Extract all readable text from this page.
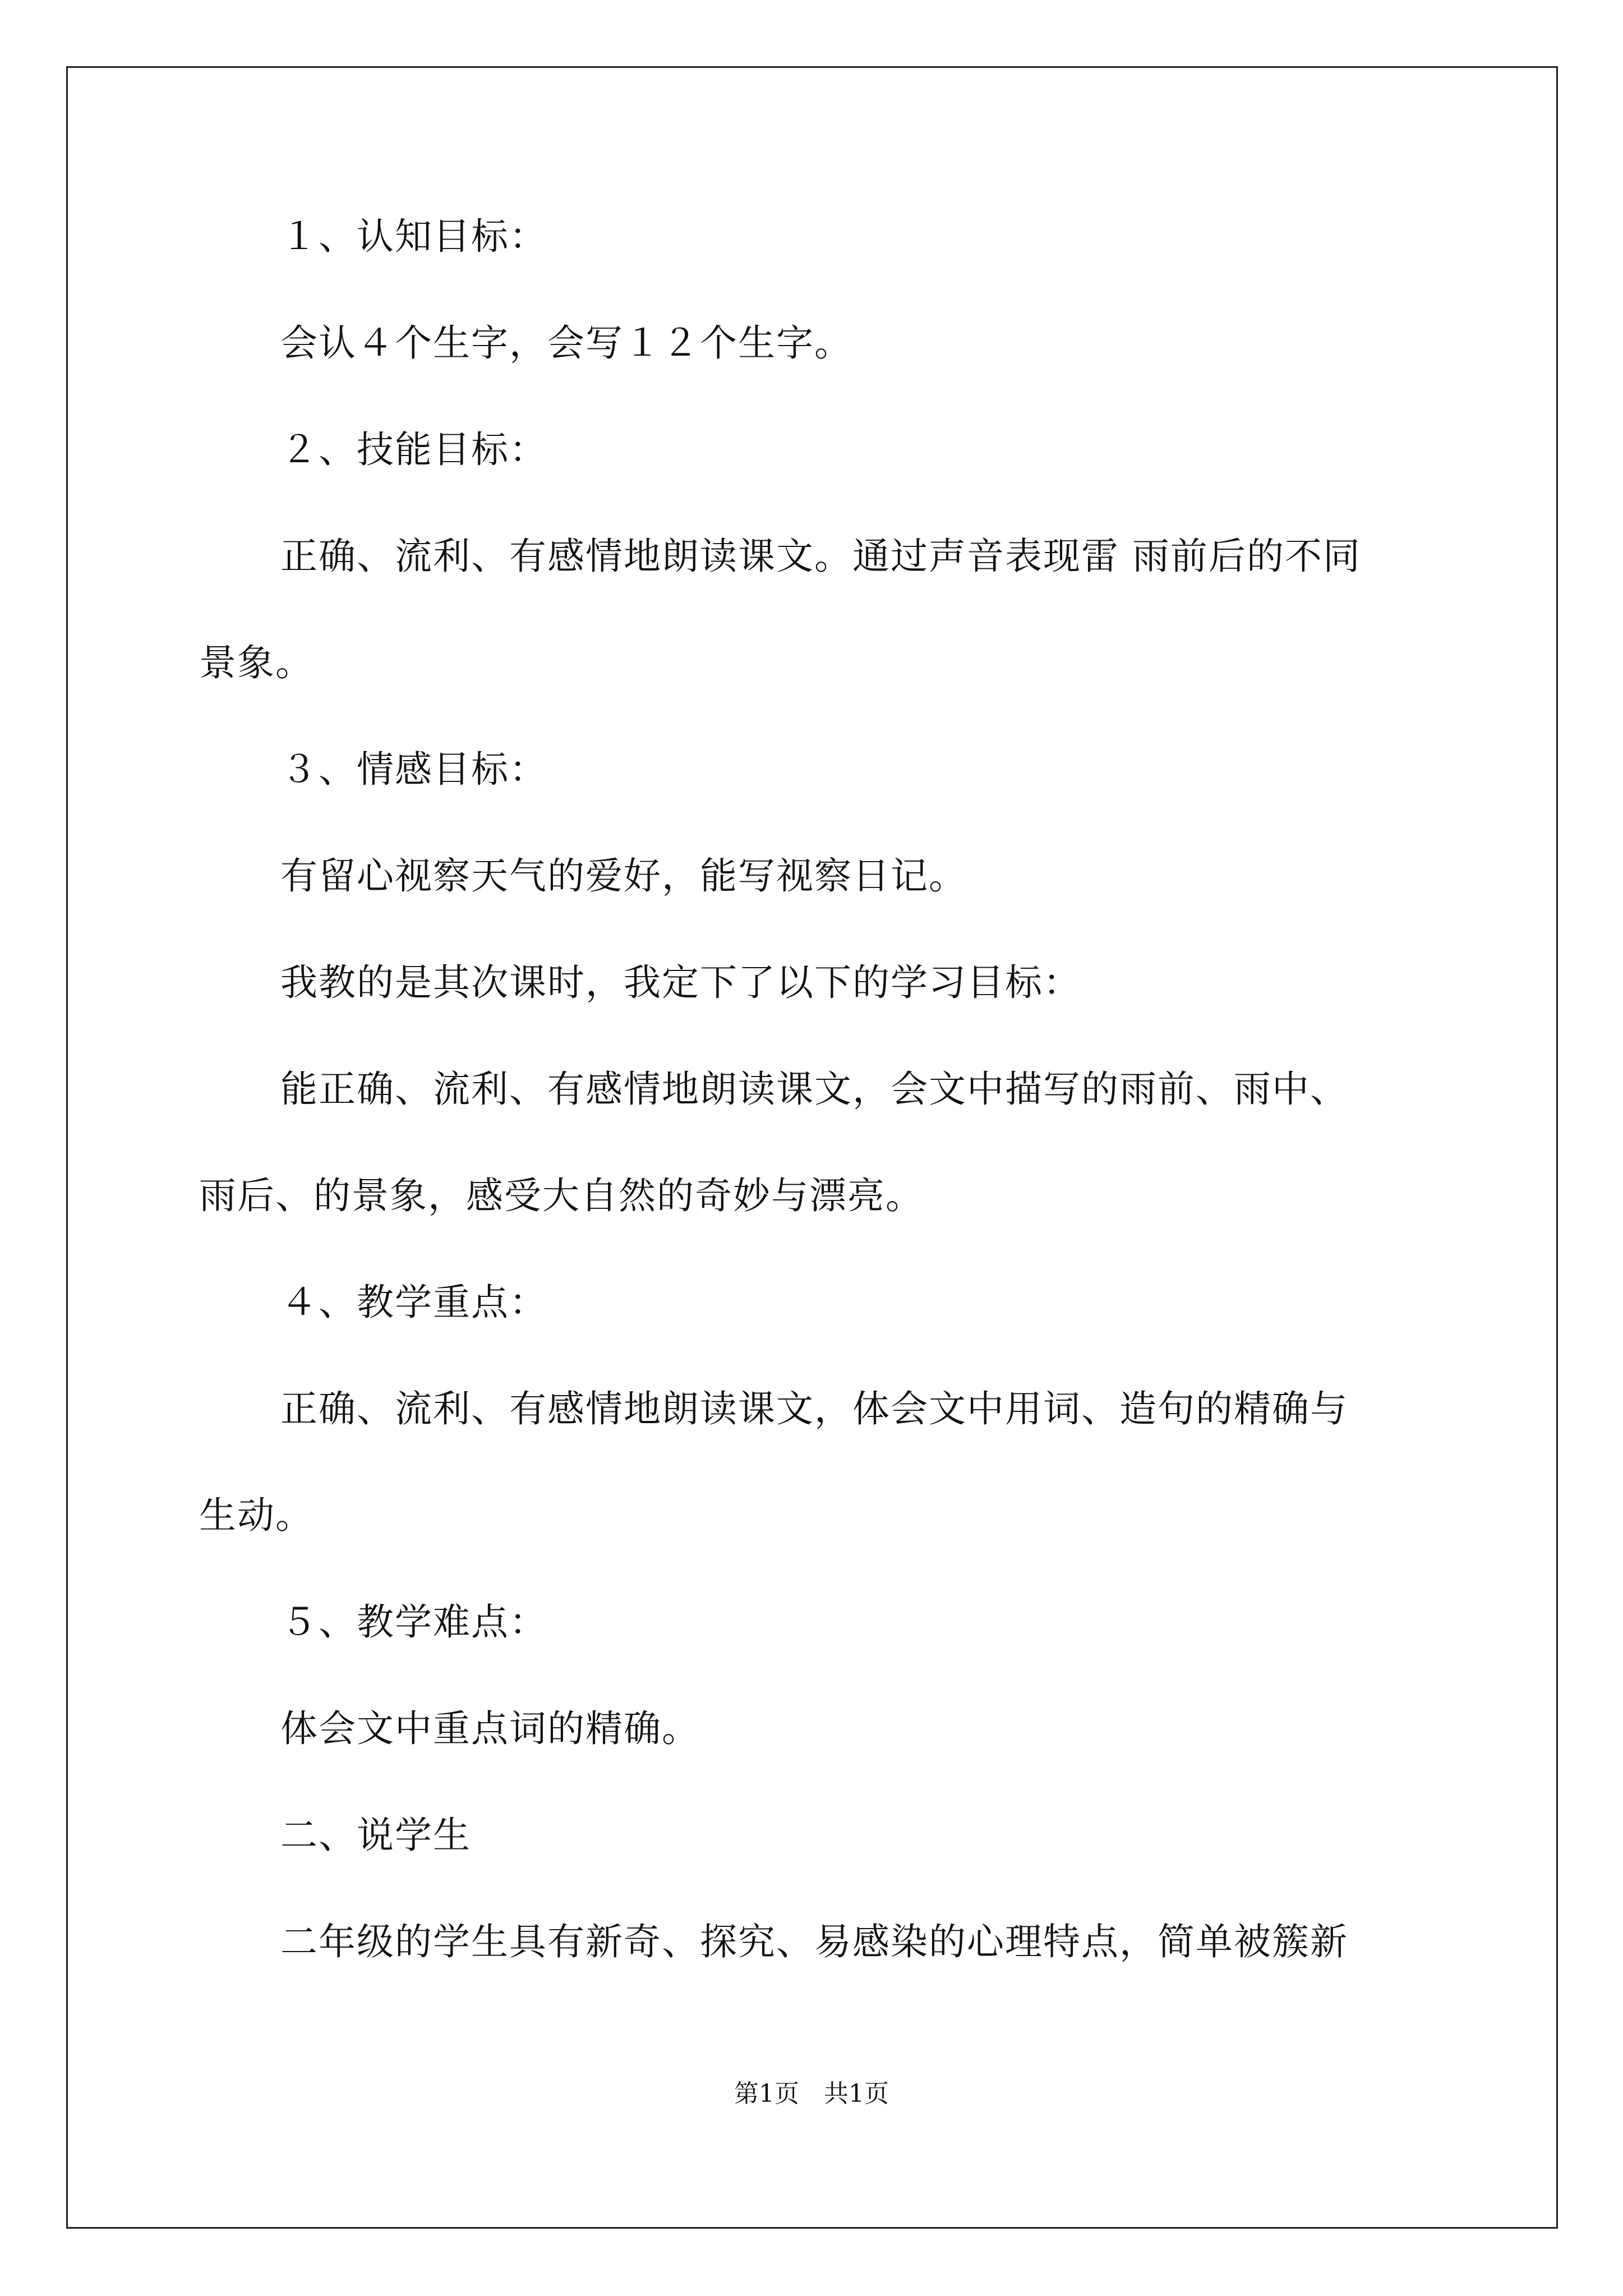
１、认知目标：
会认４个生字，会写１２个生字。
２、技能目标：
正确、流利、有感情地朗读课文。通过声音表现雷 雨前后的不同
景象。
３、情感目标：
有留心视察天气的爱好，能写视察日记。
我教的是其次课时，我定下了以下的学习目标：
能正确、流利、有感情地朗读课文，会文中描写的雨前、雨中、
雨后、的景象，感受大自然的奇妙与漂亮。
４、教学重点：
正确、流利、有感情地朗读课文，体会文中用词、造句的精确与
生动。
５、教学难点：
体会文中重点词的精确。
二、说学生
二年级的学生具有新奇、探究、易感染的心理特点，简单被簇新
第1页　共1页
